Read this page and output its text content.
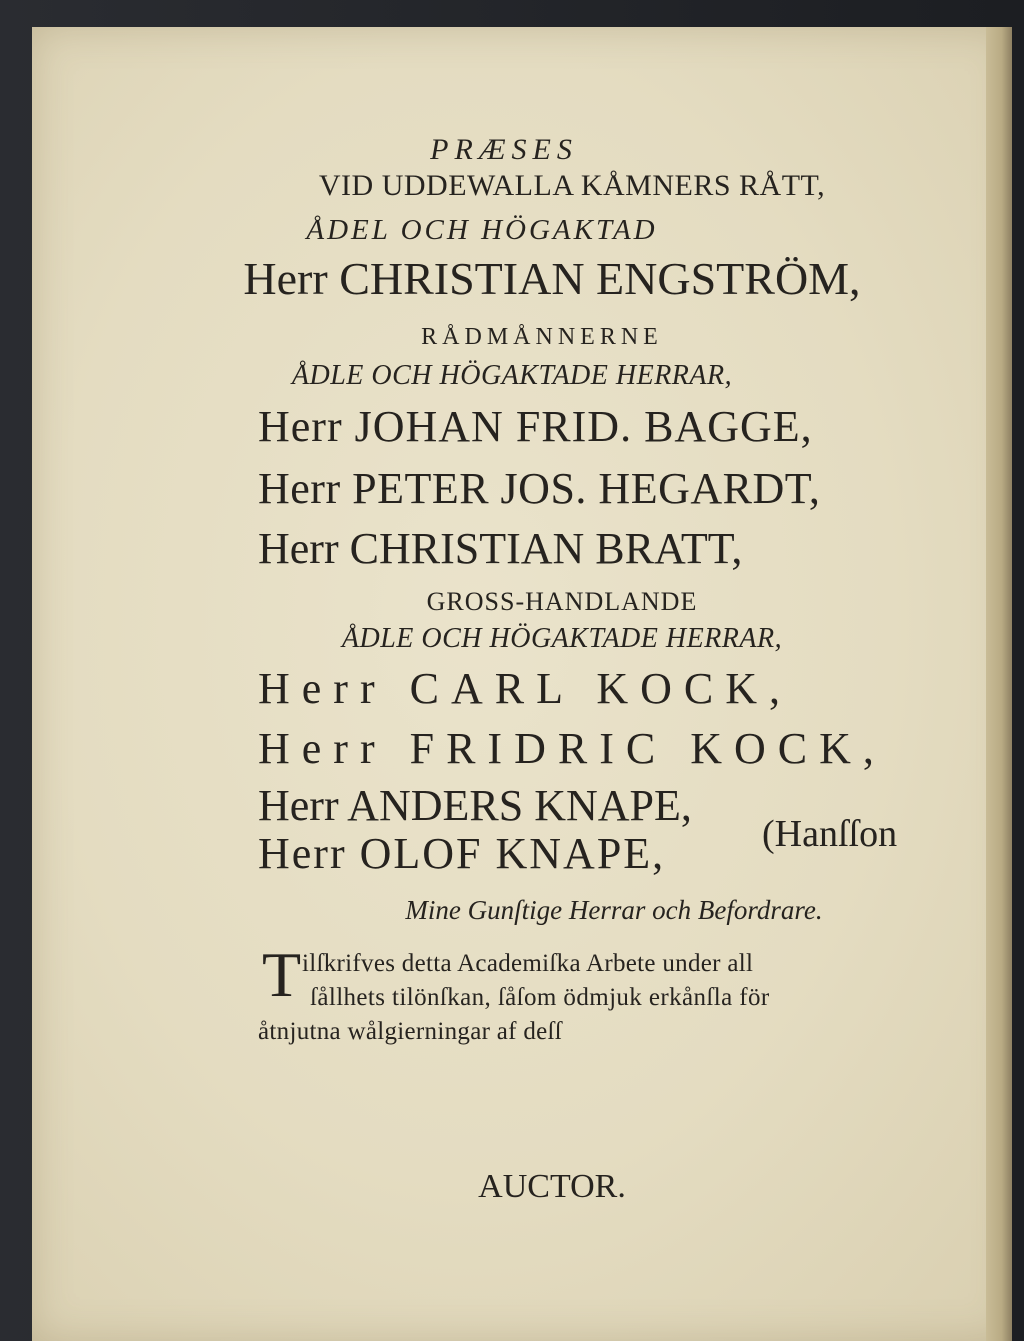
PRÆSES
VID UDDEWALLA KÅMNERS RÅTT,
ÅDEL OCH HÖGAKTAD
Herr CHRISTIAN ENGSTRÖM,
RÅDMÅNNERNE
ÅDLE OCH HÖGAKTADE HERRAR,
Herr JOHAN FRID. BAGGE,
Herr PETER JOS. HEGARDT,
Herr CHRISTIAN BRATT,
GROSS-HANDLANDE
ÅDLE OCH HÖGAKTADE HERRAR,
Herr CARL KOCK,
Herr FRIDRIC KOCK,
Herr ANDERS KNAPE,
Herr OLOF KNAPE,	(Hanſſon
Mine Gunſtige Herrar och Befordrare.
T ilſkrifves detta Academiſka Arbete under all
ſållhets tilönſkan, ſåſom ödmjuk erkånſla för
åtnjutna wålgierningar af deſſ
AUCTOR.
